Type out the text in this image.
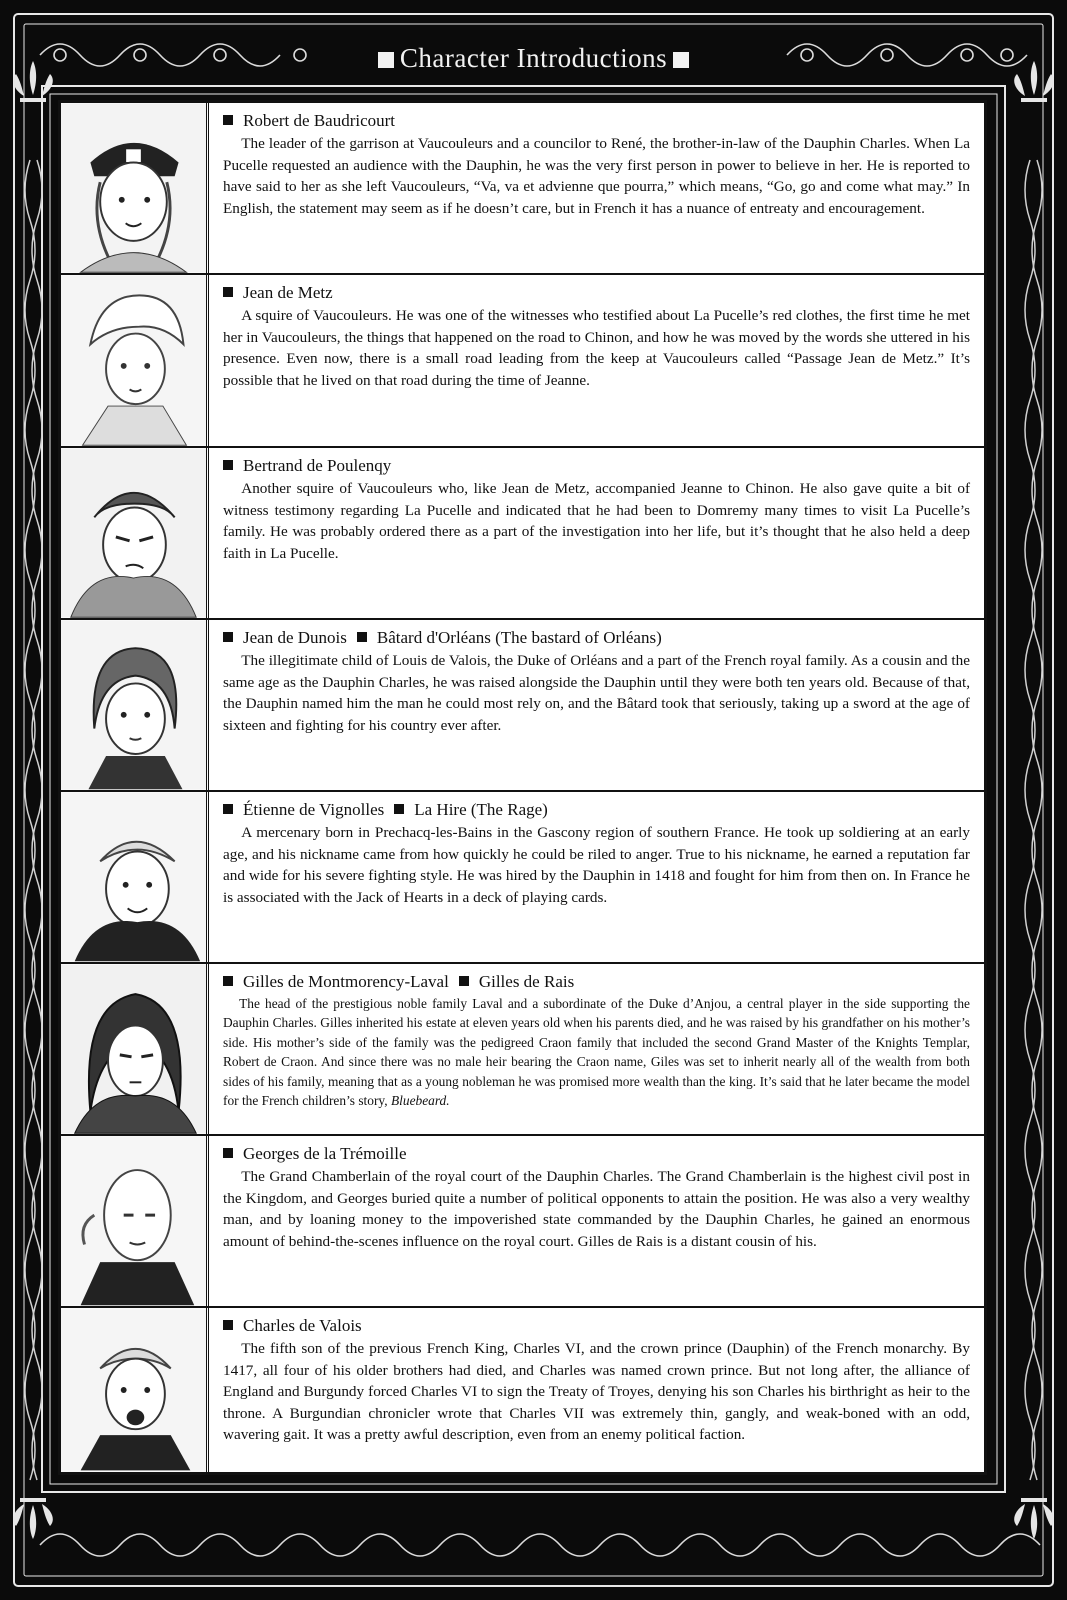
Character Introductions
Robert de Baudricourt

The leader of the garrison at Vaucouleurs and a councilor to René, the brother-in-law of the Dauphin Charles. When La Pucelle requested an audience with the Dauphin, he was the very first person in power to believe in her. He is reported to have said to her as she left Vaucouleurs, “Va, va et advienne que pourra,” which means, “Go, go and come what may.” In English, the statement may seem as if he doesn’t care, but in French it has a nuance of entreaty and encouragement.

Jean de Metz

A squire of Vaucouleurs. He was one of the witnesses who testified about La Pucelle’s red clothes, the first time he met her in Vaucouleurs, the things that happened on the road to Chinon, and how he was moved by the words she uttered in his presence. Even now, there is a small road leading from the keep at Vaucouleurs called “Passage Jean de Metz.” It’s possible that he lived on that road during the time of Jeanne.

Bertrand de Poulenqy

Another squire of Vaucouleurs who, like Jean de Metz, accompanied Jeanne to Chinon. He also gave quite a bit of witness testimony regarding La Pucelle and indicated that he had been to Domremy many times to visit La Pucelle’s family. He was probably ordered there as a part of the investigation into her life, but it’s thought that he also held a deep faith in La Pucelle.

Jean de Dunois Bâtard d'Orléans (The bastard of Orléans)

The illegitimate child of Louis de Valois, the Duke of Orléans and a part of the French royal family. As a cousin and the same age as the Dauphin Charles, he was raised alongside the Dauphin until they were both ten years old. Because of that, the Dauphin named him the man he could most rely on, and the Bâtard took that seriously, taking up a sword at the age of sixteen and fighting for his country ever after.

Étienne de Vignolles La Hire (The Rage)

A mercenary born in Prechacq-les-Bains in the Gascony region of southern France. He took up soldiering at an early age, and his nickname came from how quickly he could be riled to anger. True to his nickname, he earned a reputation far and wide for his severe fighting style. He was hired by the Dauphin in 1418 and fought for him from then on. In France he is associated with the Jack of Hearts in a deck of playing cards.

Gilles de Montmorency-Laval Gilles de Rais

The head of the prestigious noble family Laval and a subordinate of the Duke d’Anjou, a central player in the side supporting the Dauphin Charles. Gilles inherited his estate at eleven years old when his parents died, and he was raised by his grandfather on his mother’s side. His mother’s side of the family was the pedigreed Craon family that included the second Grand Master of the Knights Templar, Robert de Craon. And since there was no male heir bearing the Craon name, Giles was set to inherit nearly all of the wealth from both sides of his family, meaning that as a young nobleman he was promised more wealth than the king. It’s said that he later became the model for the French children’s story, Bluebeard.

Georges de la Trémoille

The Grand Chamberlain of the royal court of the Dauphin Charles. The Grand Chamberlain is the highest civil post in the Kingdom, and Georges buried quite a number of political opponents to attain the position. He was also a very wealthy man, and by loaning money to the impoverished state commanded by the Dauphin Charles, he gained an enormous amount of behind-the-scenes influence on the royal court. Gilles de Rais is a distant cousin of his.

Charles de Valois

The fifth son of the previous French King, Charles VI, and the crown prince (Dauphin) of the French monarchy. By 1417, all four of his older brothers had died, and Charles was named crown prince. But not long after, the alliance of England and Burgundy forced Charles VI to sign the Treaty of Troyes, denying his son Charles his birthright as heir to the throne. A Burgundian chronicler wrote that Charles VII was extremely thin, gangly, and weak-boned with an odd, wavering gait. It was a pretty awful description, even from an enemy political faction.
